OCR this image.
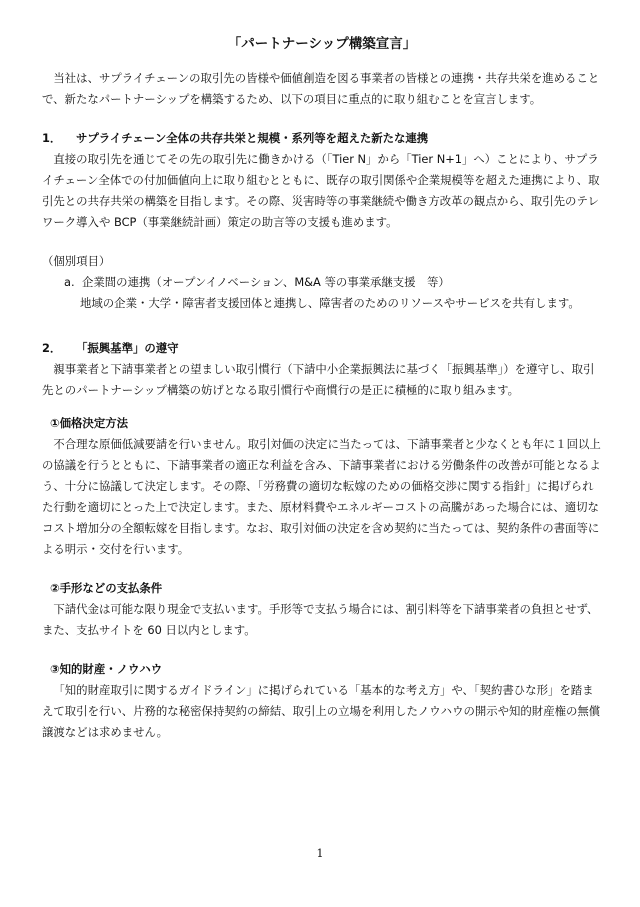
「パートナーシップ構築宣言」

当社は、サプライチェーンの取引先の皆様や価値創造を図る事業者の皆様との連携・共存共栄を進めることで、新たなパートナーシップを構築するため、以下の項目に重点的に取り組むことを宣言します。

1． サプライチェーン全体の共存共栄と規模・系列等を超えた新たな連携

直接の取引先を通じてその先の取引先に働きかける（「Tier N」から「Tier N+1」へ）ことにより、サプライチェーン全体での付加価値向上に取り組むとともに、既存の取引関係や企業規模等を超えた連携により、取引先との共存共栄の構築を目指します。その際、災害時等の事業継続や働き方改革の観点から、取引先のテレワーク導入や BCP（事業継続計画）策定の助言等の支援も進めます。

（個別項目）

a. 企業間の連携（オープンイノベーション、M&A 等の事業承継支援　等）

地域の企業・大学・障害者支援団体と連携し、障害者のためのリソースやサービスを共有します。

2． 「振興基準」の遵守

親事業者と下請事業者との望ましい取引慣行（下請中小企業振興法に基づく「振興基準」）を遵守し、取引先とのパートナーシップ構築の妨げとなる取引慣行や商慣行の是正に積極的に取り組みます。

①価格決定方法

不合理な原価低減要請を行いません。取引対価の決定に当たっては、下請事業者と少なくとも年に１回以上の協議を行うとともに、下請事業者の適正な利益を含み、下請事業者における労働条件の改善が可能となるよう、十分に協議して決定します。その際、「労務費の適切な転嫁のための価格交渉に関する指針」に掲げられた行動を適切にとった上で決定します。また、原材料費やエネルギーコストの高騰があった場合には、適切なコスト増加分の全額転嫁を目指します。なお、取引対価の決定を含め契約に当たっては、契約条件の書面等による明示・交付を行います。

②手形などの支払条件

下請代金は可能な限り現金で支払います。手形等で支払う場合には、割引料等を下請事業者の負担とせず、また、支払サイトを 60 日以内とします。

③知的財産・ノウハウ

「知的財産取引に関するガイドライン」に掲げられている「基本的な考え方」や、「契約書ひな形」を踏まえて取引を行い、片務的な秘密保持契約の締結、取引上の立場を利用したノウハウの開示や知的財産権の無償譲渡などは求めません。

1
